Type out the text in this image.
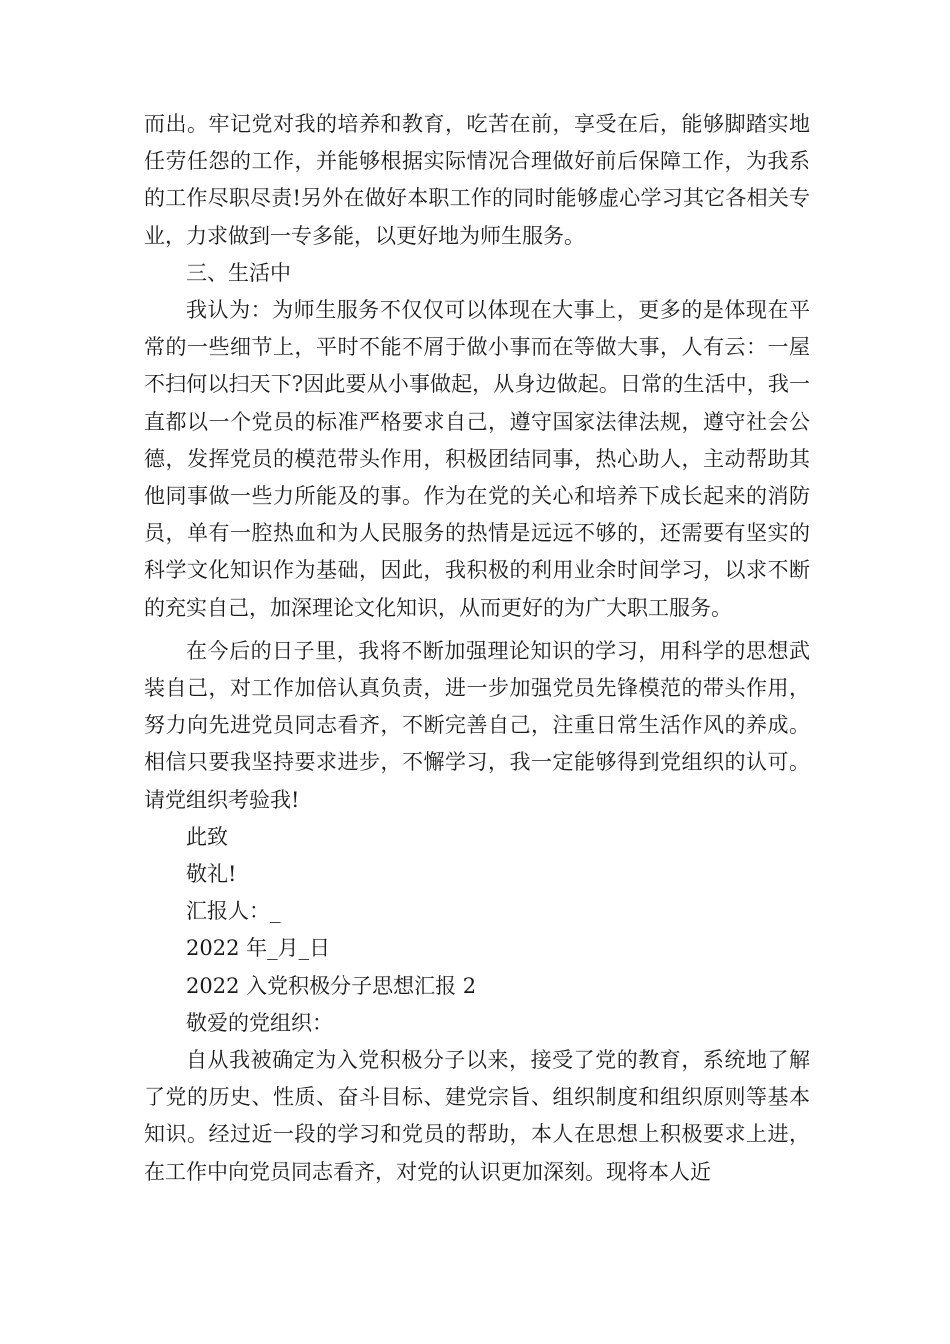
而出。牢记党对我的培养和教育，吃苦在前，享受在后，能够脚踏实地任劳任怨的工作，并能够根据实际情况合理做好前后保障工作，为我系的工作尽职尽责!另外在做好本职工作的同时能够虚心学习其它各相关专业，力求做到一专多能，以更好地为师生服务。

三、生活中

我认为：为师生服务不仅仅可以体现在大事上，更多的是体现在平常的一些细节上，平时不能不屑于做小事而在等做大事，人有云：一屋不扫何以扫天下?因此要从小事做起，从身边做起。日常的生活中，我一直都以一个党员的标准严格要求自己，遵守国家法律法规，遵守社会公德，发挥党员的模范带头作用，积极团结同事，热心助人，主动帮助其他同事做一些力所能及的事。作为在党的关心和培养下成长起来的消防员，单有一腔热血和为人民服务的热情是远远不够的，还需要有坚实的科学文化知识作为基础，因此，我积极的利用业余时间学习，以求不断的充实自己，加深理论文化知识，从而更好的为广大职工服务。

在今后的日子里，我将不断加强理论知识的学习，用科学的思想武装自己，对工作加倍认真负责，进一步加强党员先锋模范的带头作用，努力向先进党员同志看齐，不断完善自己，注重日常生活作风的养成。相信只要我坚持要求进步，不懈学习，我一定能够得到党组织的认可。请党组织考验我!

此致

敬礼!

汇报人：_

2022 年_月_日

2022 入党积极分子思想汇报 2

敬爱的党组织：

自从我被确定为入党积极分子以来，接受了党的教育，系统地了解了党的历史、性质、奋斗目标、建党宗旨、组织制度和组织原则等基本知识。经过近一段的学习和党员的帮助，本人在思想上积极要求上进，在工作中向党员同志看齐，对党的认识更加深刻。现将本人近
